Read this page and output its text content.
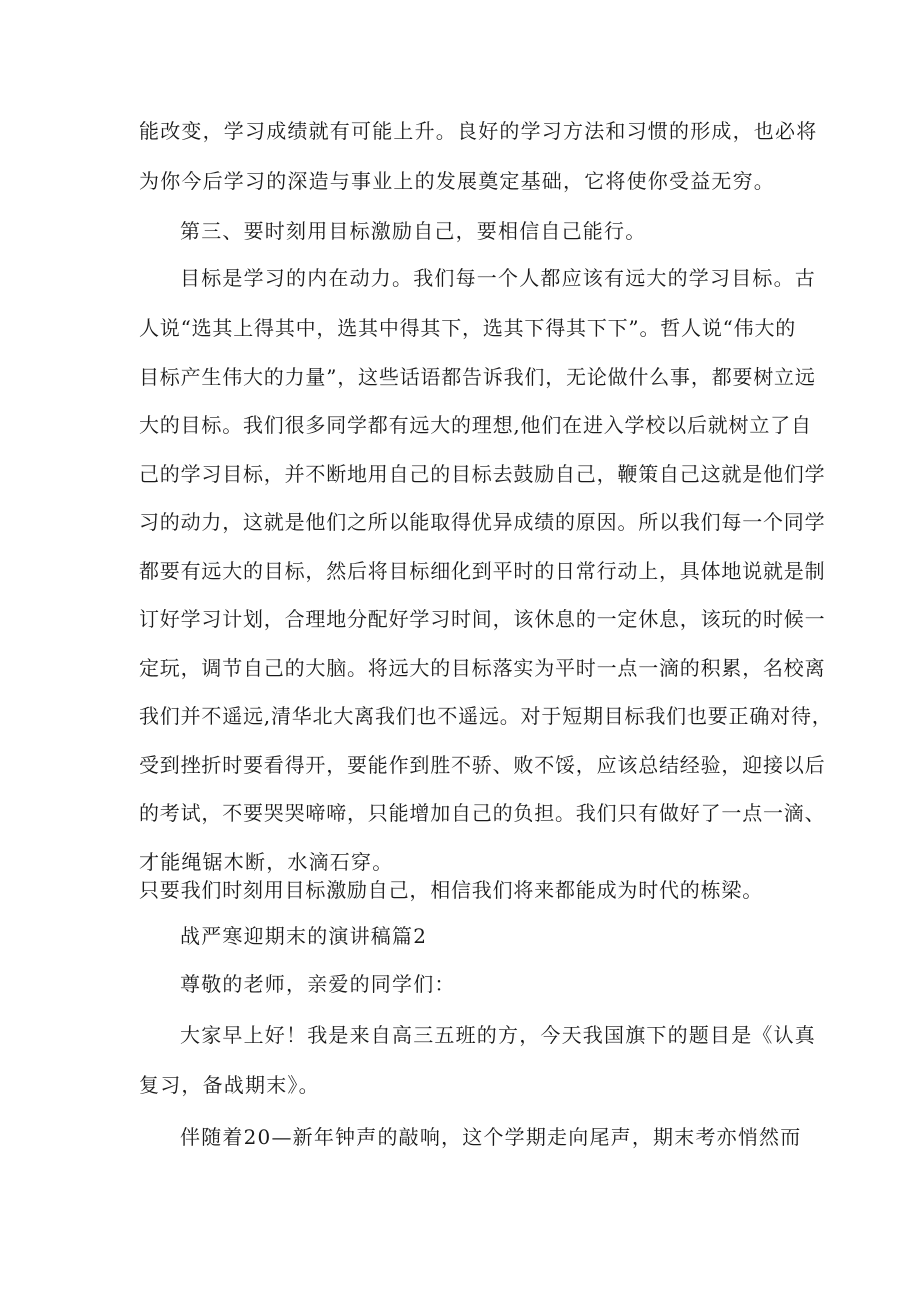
能改变，学习成绩就有可能上升。良好的学习方法和习惯的形成，也必将
为你今后学习的深造与事业上的发展奠定基础，它将使你受益无穷。
第三、要时刻用目标激励自己，要相信自己能行。
目标是学习的内在动力。我们每一个人都应该有远大的学习目标。古
人说“选其上得其中，选其中得其下，选其下得其下下”。哲人说“伟大的
目标产生伟大的力量”，这些话语都告诉我们，无论做什么事，都要树立远
大的目标。我们很多同学都有远大的理想,他们在进入学校以后就树立了自
己的学习目标，并不断地用自己的目标去鼓励自己，鞭策自己这就是他们学
习的动力，这就是他们之所以能取得优异成绩的原因。所以我们每一个同学
都要有远大的目标，然后将目标细化到平时的日常行动上，具体地说就是制
订好学习计划，合理地分配好学习时间，该休息的一定休息，该玩的时候一
定玩，调节自己的大脑。将远大的目标落实为平时一点一滴的积累，名校离
我们并不遥远,清华北大离我们也不遥远。对于短期目标我们也要正确对待，
受到挫折时要看得开，要能作到胜不骄、败不馁，应该总结经验，迎接以后
的考试，不要哭哭啼啼，只能增加自己的负担。我们只有做好了一点一滴、
才能绳锯木断，水滴石穿。
只要我们时刻用目标激励自己，相信我们将来都能成为时代的栋梁。
战严寒迎期末的演讲稿篇2
尊敬的老师，亲爱的同学们：
大家早上好！我是来自高三五班的方，今天我国旗下的题目是《认真
复习，备战期末》。
伴随着20—新年钟声的敲响，这个学期走向尾声，期末考亦悄然而
